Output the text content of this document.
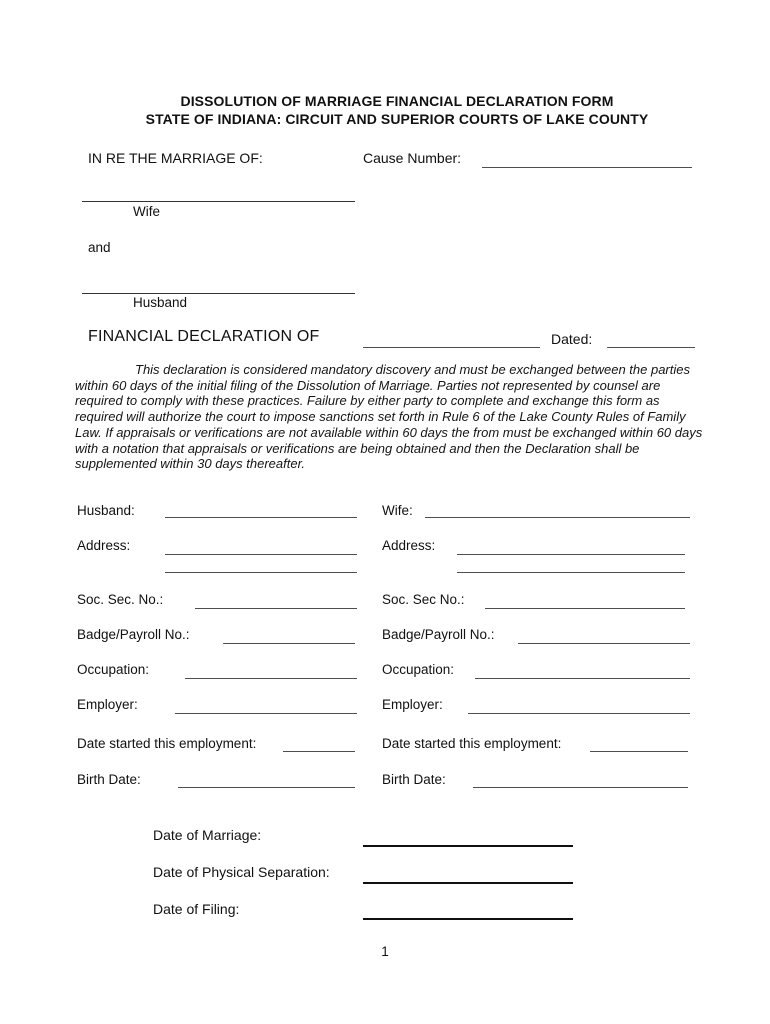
DISSOLUTION OF MARRIAGE FINANCIAL DECLARATION FORM
STATE OF INDIANA: CIRCUIT AND SUPERIOR COURTS OF LAKE COUNTY
IN RE THE MARRIAGE OF:	Cause Number:
Wife
and
Husband
FINANCIAL DECLARATION OF	Dated:

This declaration is considered mandatory discovery and must be exchanged between the parties within 60 days of the initial filing of the Dissolution of Marriage. Parties not represented by counsel are required to comply with these practices. Failure by either party to complete and exchange this form as required will authorize the court to impose sanctions set forth in Rule 6 of the Lake County Rules of Family Law. If appraisals or verifications are not available within 60 days the from must be exchanged within 60 days with a notation that appraisals or verifications are being obtained and then the Declaration shall be supplemented within 30 days thereafter.

Husband:
Address:
Soc. Sec. No.:
Badge/Payroll No.:
Occupation:
Employer:
Date started this employment:
Birth Date:
Wife:
Address:
Soc. Sec No.:
Badge/Payroll No.:
Occupation:
Employer:
Date started this employment:
Birth Date:
Date of Marriage:
Date of Physical Separation:
Date of Filing:
1
